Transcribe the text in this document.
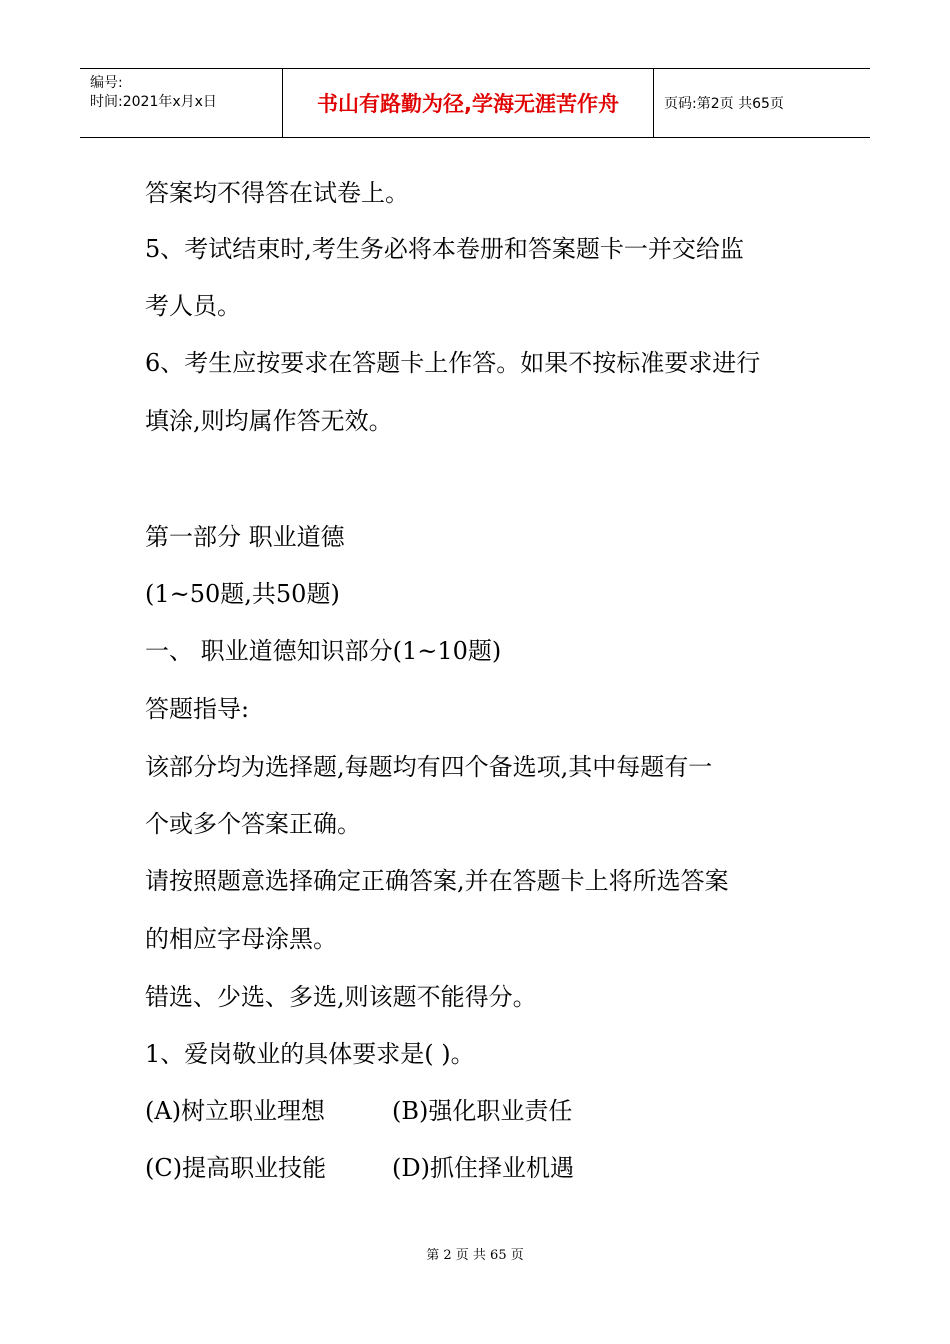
编号:
时间:2021年x月x日	书山有路勤为径,学海无涯苦作舟	页码:第2页 共65页
答案均不得答在试卷上。
5、考试结束时,考生务必将本卷册和答案题卡一并交给监
考人员。
6、考生应按要求在答题卡上作答。如果不按标准要求进行
填涂,则均属作答无效。
第一部分 职业道德
(1~50题,共50题)
一、 职业道德知识部分(1~10题)
答题指导:
该部分均为选择题,每题均有四个备选项,其中每题有一
个或多个答案正确。
请按照题意选择确定正确答案,并在答题卡上将所选答案
的相应字母涂黑。
错选、少选、多选,则该题不能得分。
1、爱岗敬业的具体要求是( )。
(A)树立职业理想	(B)强化职业责任
(C)提高职业技能	(D)抓住择业机遇
第 2 页 共 65 页
